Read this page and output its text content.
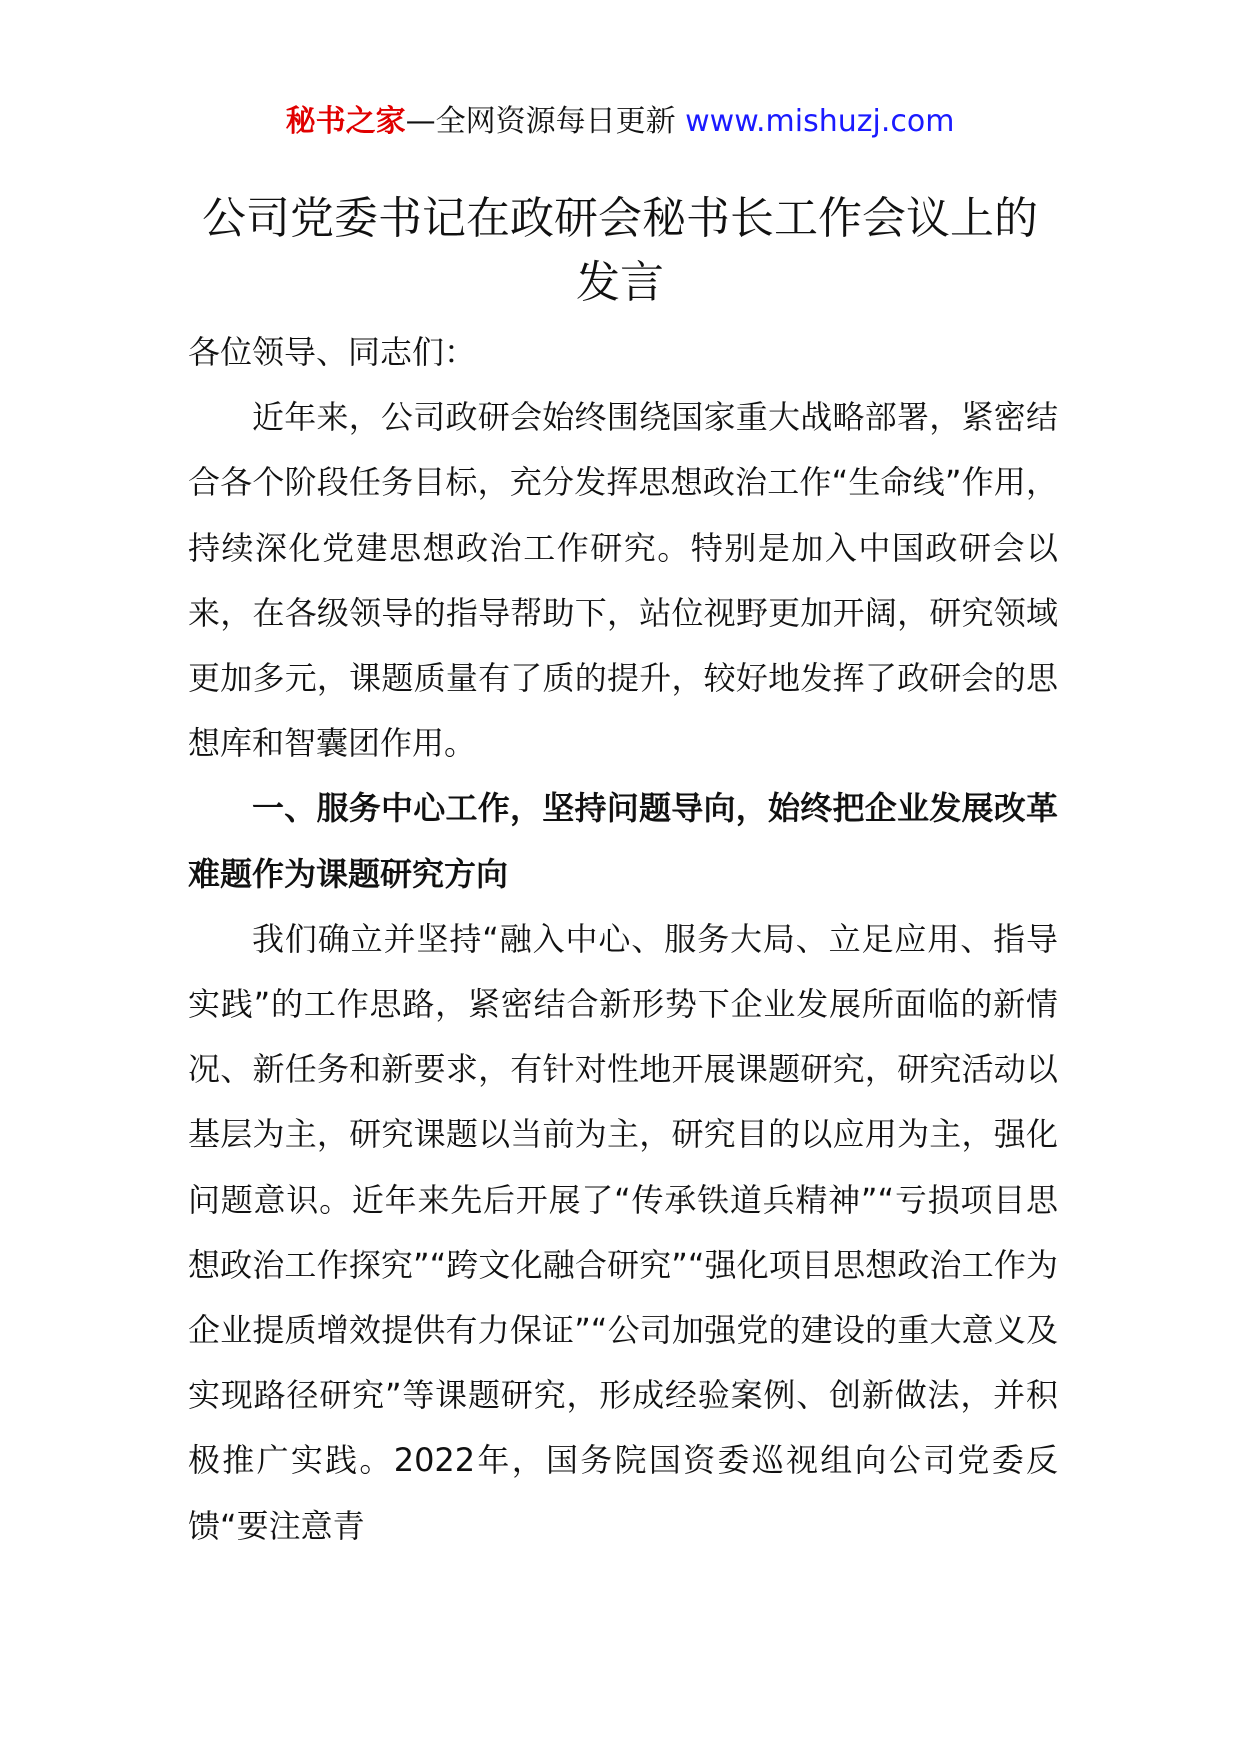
秘书之家—全网资源每日更新 www.mishuzj.com
公司党委书记在政研会秘书长工作会议上的发言

各位领导、同志们：

近年来，公司政研会始终围绕国家重大战略部署，紧密结合各个阶段任务目标，充分发挥思想政治工作“生命线”作用，持续深化党建思想政治工作研究。特别是加入中国政研会以来，在各级领导的指导帮助下，站位视野更加开阔，研究领域更加多元，课题质量有了质的提升，较好地发挥了政研会的思想库和智囊团作用。

一、服务中心工作，坚持问题导向，始终把企业发展改革难题作为课题研究方向

我们确立并坚持“融入中心、服务大局、立足应用、指导实践”的工作思路，紧密结合新形势下企业发展所面临的新情况、新任务和新要求，有针对性地开展课题研究，研究活动以基层为主，研究课题以当前为主，研究目的以应用为主，强化问题意识。近年来先后开展了“传承铁道兵精神”“亏损项目思想政治工作探究”“跨文化融合研究”“强化项目思想政治工作为企业提质增效提供有力保证”“公司加强党的建设的重大意义及实现路径研究”等课题研究，形成经验案例、创新做法，并积极推广实践。2022年，国务院国资委巡视组向公司党委反馈“要注意青
